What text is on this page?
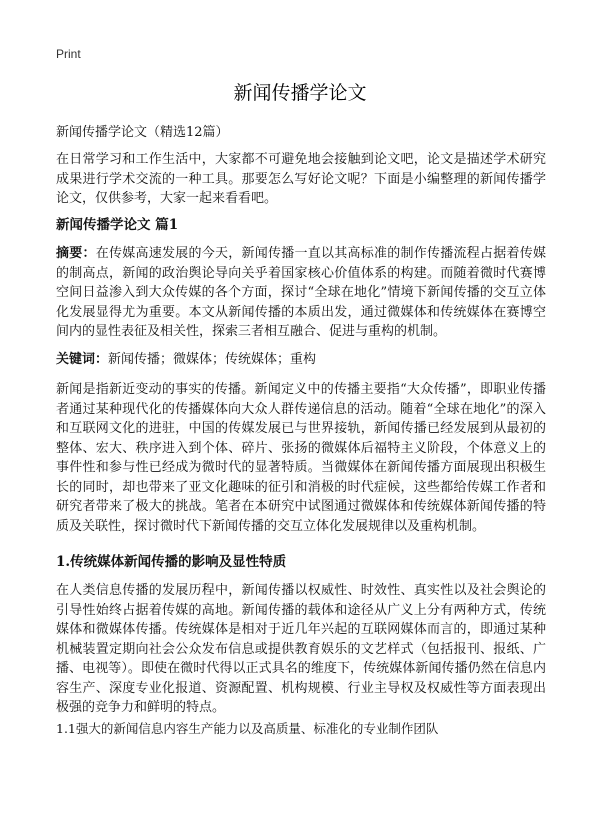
Print
新闻传播学论文

新闻传播学论文（精选12篇）

在日常学习和工作生活中，大家都不可避免地会接触到论文吧，论文是描述学术研究成果进行学术交流的一种工具。那要怎么写好论文呢？下面是小编整理的新闻传播学论文，仅供参考，大家一起来看看吧。

新闻传播学论文 篇1

摘要：在传媒高速发展的今天，新闻传播一直以其高标准的制作传播流程占据着传媒的制高点，新闻的政治舆论导向关乎着国家核心价值体系的构建。而随着微时代赛博空间日益渗入到大众传媒的各个方面，探讨“全球在地化”情境下新闻传播的交互立体化发展显得尤为重要。本文从新闻传播的本质出发，通过微媒体和传统媒体在赛博空间内的显性表征及相关性，探索三者相互融合、促进与重构的机制。

关键词：新闻传播；微媒体；传统媒体；重构

新闻是指新近变动的事实的传播。新闻定义中的传播主要指“大众传播”，即职业传播者通过某种现代化的传播媒体向大众人群传递信息的活动。随着“全球在地化”的深入和互联网文化的进驻，中国的传媒发展已与世界接轨，新闻传播已经发展到从最初的整体、宏大、秩序进入到个体、碎片、张扬的微媒体后福特主义阶段，个体意义上的事件性和参与性已经成为微时代的显著特质。当微媒体在新闻传播方面展现出积极生长的同时，却也带来了亚文化趣味的征引和消极的时代症候，这些都给传媒工作者和研究者带来了极大的挑战。笔者在本研究中试图通过微媒体和传统媒体新闻传播的特质及关联性，探讨微时代下新闻传播的交互立体化发展规律以及重构机制。

1.传统媒体新闻传播的影响及显性特质

在人类信息传播的发展历程中，新闻传播以权威性、时效性、真实性以及社会舆论的引导性始终占据着传媒的高地。新闻传播的载体和途径从广义上分有两种方式，传统媒体和微媒体传播。传统媒体是相对于近几年兴起的互联网媒体而言的，即通过某种机械装置定期向社会公众发布信息或提供教育娱乐的文艺样式（包括报刊、报纸、广播、电视等）。即使在微时代得以正式具名的维度下，传统媒体新闻传播仍然在信息内容生产、深度专业化报道、资源配置、机构规模、行业主导权及权威性等方面表现出极强的竞争力和鲜明的特点。

1.1强大的新闻信息内容生产能力以及高质量、标准化的专业制作团队
